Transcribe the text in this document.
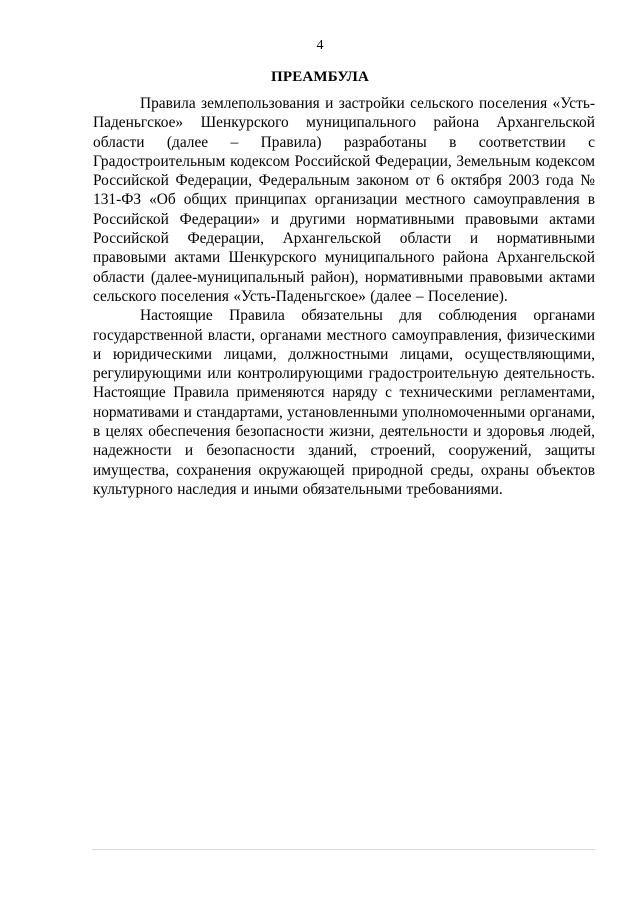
4
ПРЕАМБУЛА

Правила землепользования и застройки сельского поселения «Усть-Паденьгское» Шенкурского муниципального района Архангельской области (далее – Правила) разработаны в соответствии с Градостроительным кодексом Российской Федерации, Земельным кодексом Российской Федерации, Федеральным законом от 6 октября 2003 года № 131-ФЗ «Об общих принципах организации местного самоуправления в Российской Федерации» и другими нормативными правовыми актами Российской Федерации, Архангельской области и нормативными правовыми актами Шенкурского муниципального района Архангельской области (далее-муниципальный район), нормативными правовыми актами сельского поселения «Усть-Паденьгское» (далее – Поселение).

Настоящие Правила обязательны для соблюдения органами государственной власти, органами местного самоуправления, физическими и юридическими лицами, должностными лицами, осуществляющими, регулирующими или контролирующими градостроительную деятельность. Настоящие Правила применяются наряду с техническими регламентами, нормативами и стандартами, установленными уполномоченными органами, в целях обеспечения безопасности жизни, деятельности и здоровья людей, надежности и безопасности зданий, строений, сооружений, защиты имущества, сохранения окружающей природной среды, охраны объектов культурного наследия и иными обязательными требованиями.
